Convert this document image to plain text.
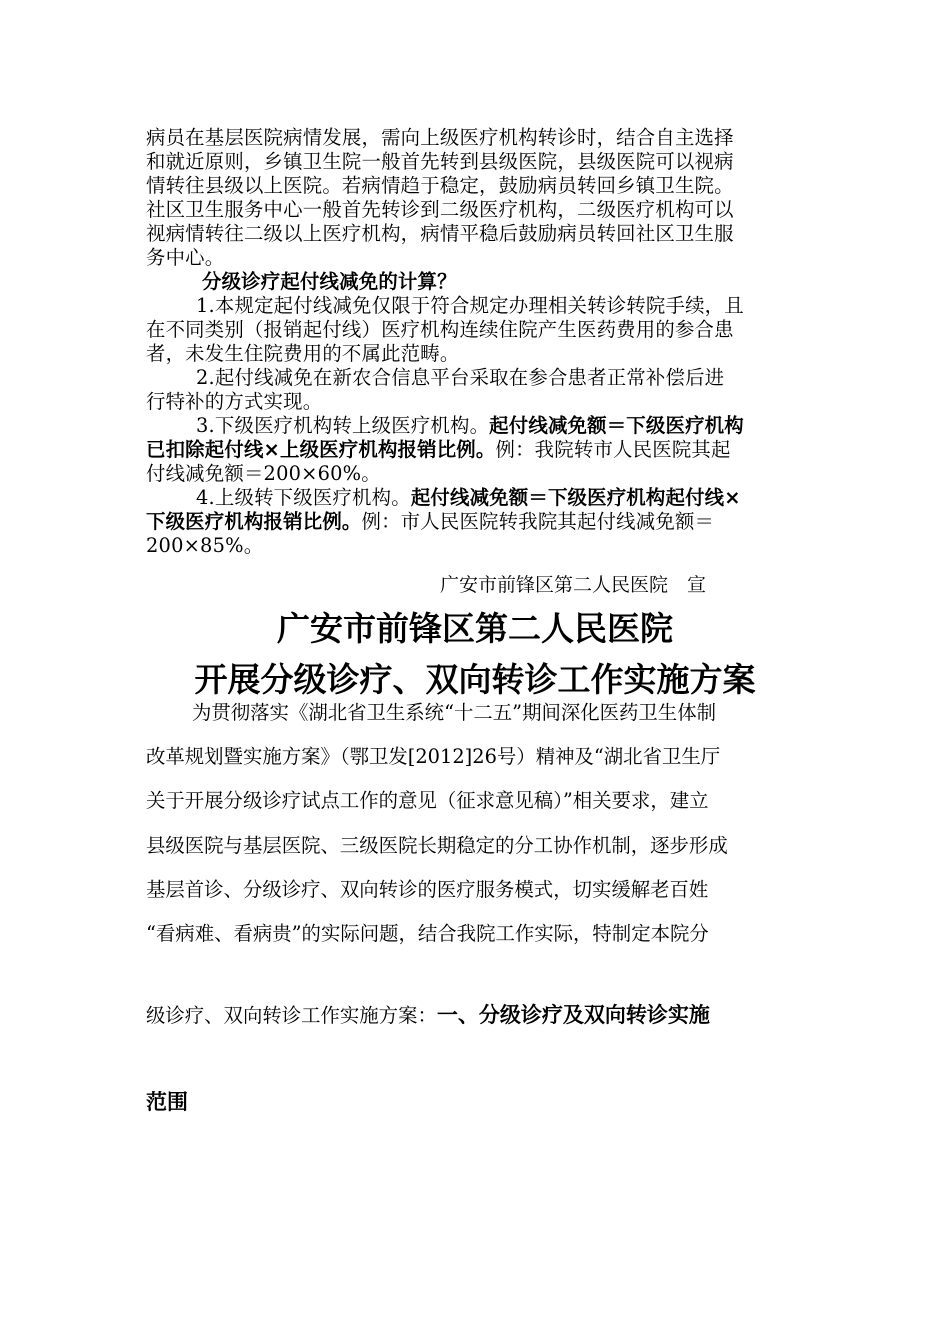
病员在基层医院病情发展，需向上级医疗机构转诊时，结合自主选择
和就近原则，乡镇卫生院一般首先转到县级医院，县级医院可以视病
情转往县级以上医院。若病情趋于稳定，鼓励病员转回乡镇卫生院。
社区卫生服务中心一般首先转诊到二级医疗机构，二级医疗机构可以
视病情转往二级以上医疗机构，病情平稳后鼓励病员转回社区卫生服
务中心。
分级诊疗起付线减免的计算？
1.本规定起付线减免仅限于符合规定办理相关转诊转院手续，且
在不同类别（报销起付线）医疗机构连续住院产生医药费用的参合患
者，未发生住院费用的不属此范畴。
2.起付线减免在新农合信息平台采取在参合患者正常补偿后进
行特补的方式实现。
3.下级医疗机构转上级医疗机构。起付线减免额＝下级医疗机构
已扣除起付线×上级医疗机构报销比例。例：我院转市人民医院其起
付线减免额＝200×60%。
4.上级转下级医疗机构。起付线减免额＝下级医疗机构起付线×
下级医疗机构报销比例。例：市人民医院转我院其起付线减免额＝
200×85%。
广安市前锋区第二人民医院　宣
广安市前锋区第二人民医院
开展分级诊疗、双向转诊工作实施方案
为贯彻落实《湖北省卫生系统“十二五”期间深化医药卫生体制
改革规划暨实施方案》（鄂卫发[2012]26号）精神及“湖北省卫生厅
关于开展分级诊疗试点工作的意见（征求意见稿）”相关要求，建立
县级医院与基层医院、三级医院长期稳定的分工协作机制，逐步形成
基层首诊、分级诊疗、双向转诊的医疗服务模式，切实缓解老百姓
“看病难、看病贵”的实际问题，结合我院工作实际，特制定本院分
级诊疗、双向转诊工作实施方案：一、分级诊疗及双向转诊实施
范围
